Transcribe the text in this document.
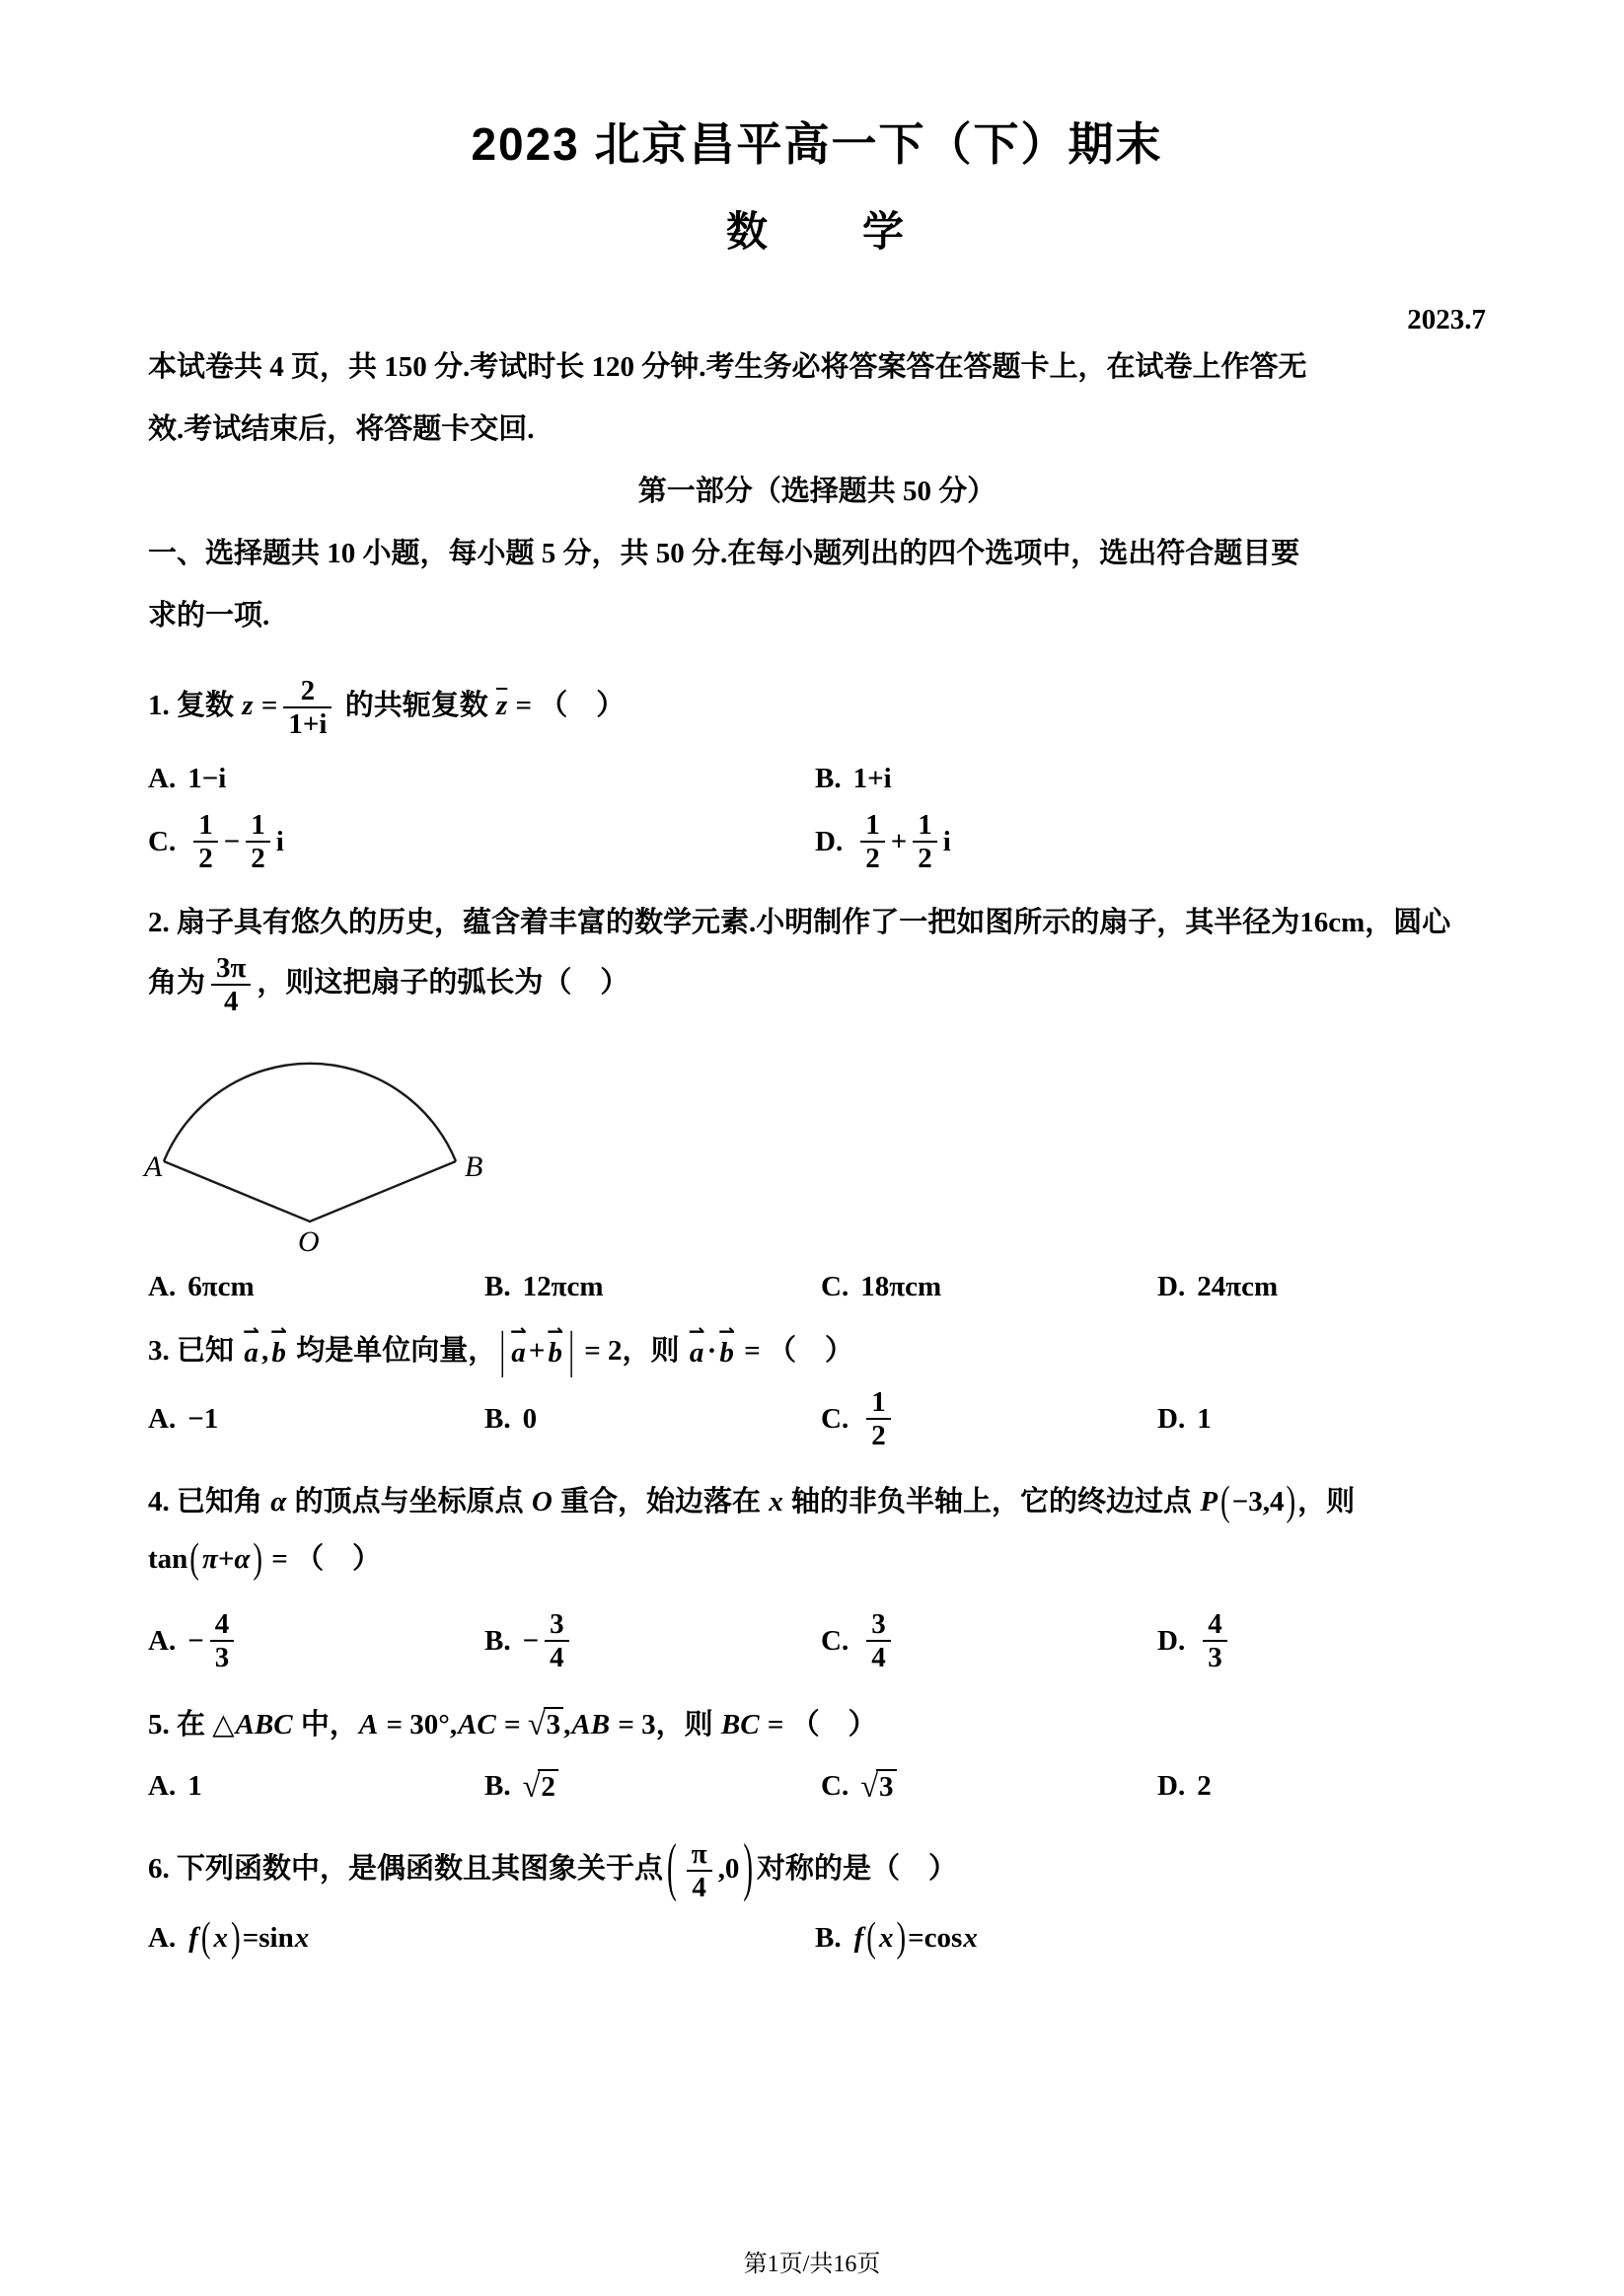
2023 北京昌平高一下（下）期末
数　　学
2023.7
本试卷共 4 页，共 150 分.考试时长 120 分钟.考生务必将答案答在答题卡上，在试卷上作答无
效.考试结束后，将答题卡交回.
第一部分（选择题共 50 分）
一、选择题共 10 小题，每小题 5 分，共 50 分.在每小题列出的四个选项中，选出符合题目要
求的一项.
1. 复数 $z = \frac{2}{1+i}$ 的共轭复数 $\overline{z}$ = （　）
A. 1−i	B. 1+i
C. $\frac{1}{2} - \frac{1}{2}$ i	D. $\frac{1}{2} + \frac{1}{2}$ i
2. 扇子具有悠久的历史，蕴含着丰富的数学元素.小明制作了一把如图所示的扇子，其半径为16cm，圆心
角为 $\frac{3\pi}{4}$ ，则这把扇子的弧长为（　）
A	B
O
A. 6πcm	B. 12πcm	C. 18πcm	D. 24πcm
3. 已知
⇀
a ,
⇀
b 均是单位向量， | ⇀
a +
⇀
b | = 2，则
⇀
a ·
⇀
b = （　）
A. −1	B. 0	C. $\frac{1}{2}$	D. 1
4. 已知角 α 的顶点与坐标原点 O 重合，始边落在 x 轴的非负半轴上，它的终边过点 P (−3,4)，则
tan( π+α ) = （　）
A. − $\frac{4}{3}$	B. − $\frac{3}{4}$	C. $\frac{3}{4}$	D. $\frac{4}{3}$
5. 在 △ABC 中，A = 30°,AC = √3 ,AB = 3，则 BC = （　）
A. 1	B. √2	C. √3	D. 2
6. 下列函数中，是偶函数且其图象关于点 ( $\frac{\pi}{4} ,0$ ) 对称的是（　）
A. f ( x ) = sin x	B. f ( x ) = cos x
第1页/共16页
